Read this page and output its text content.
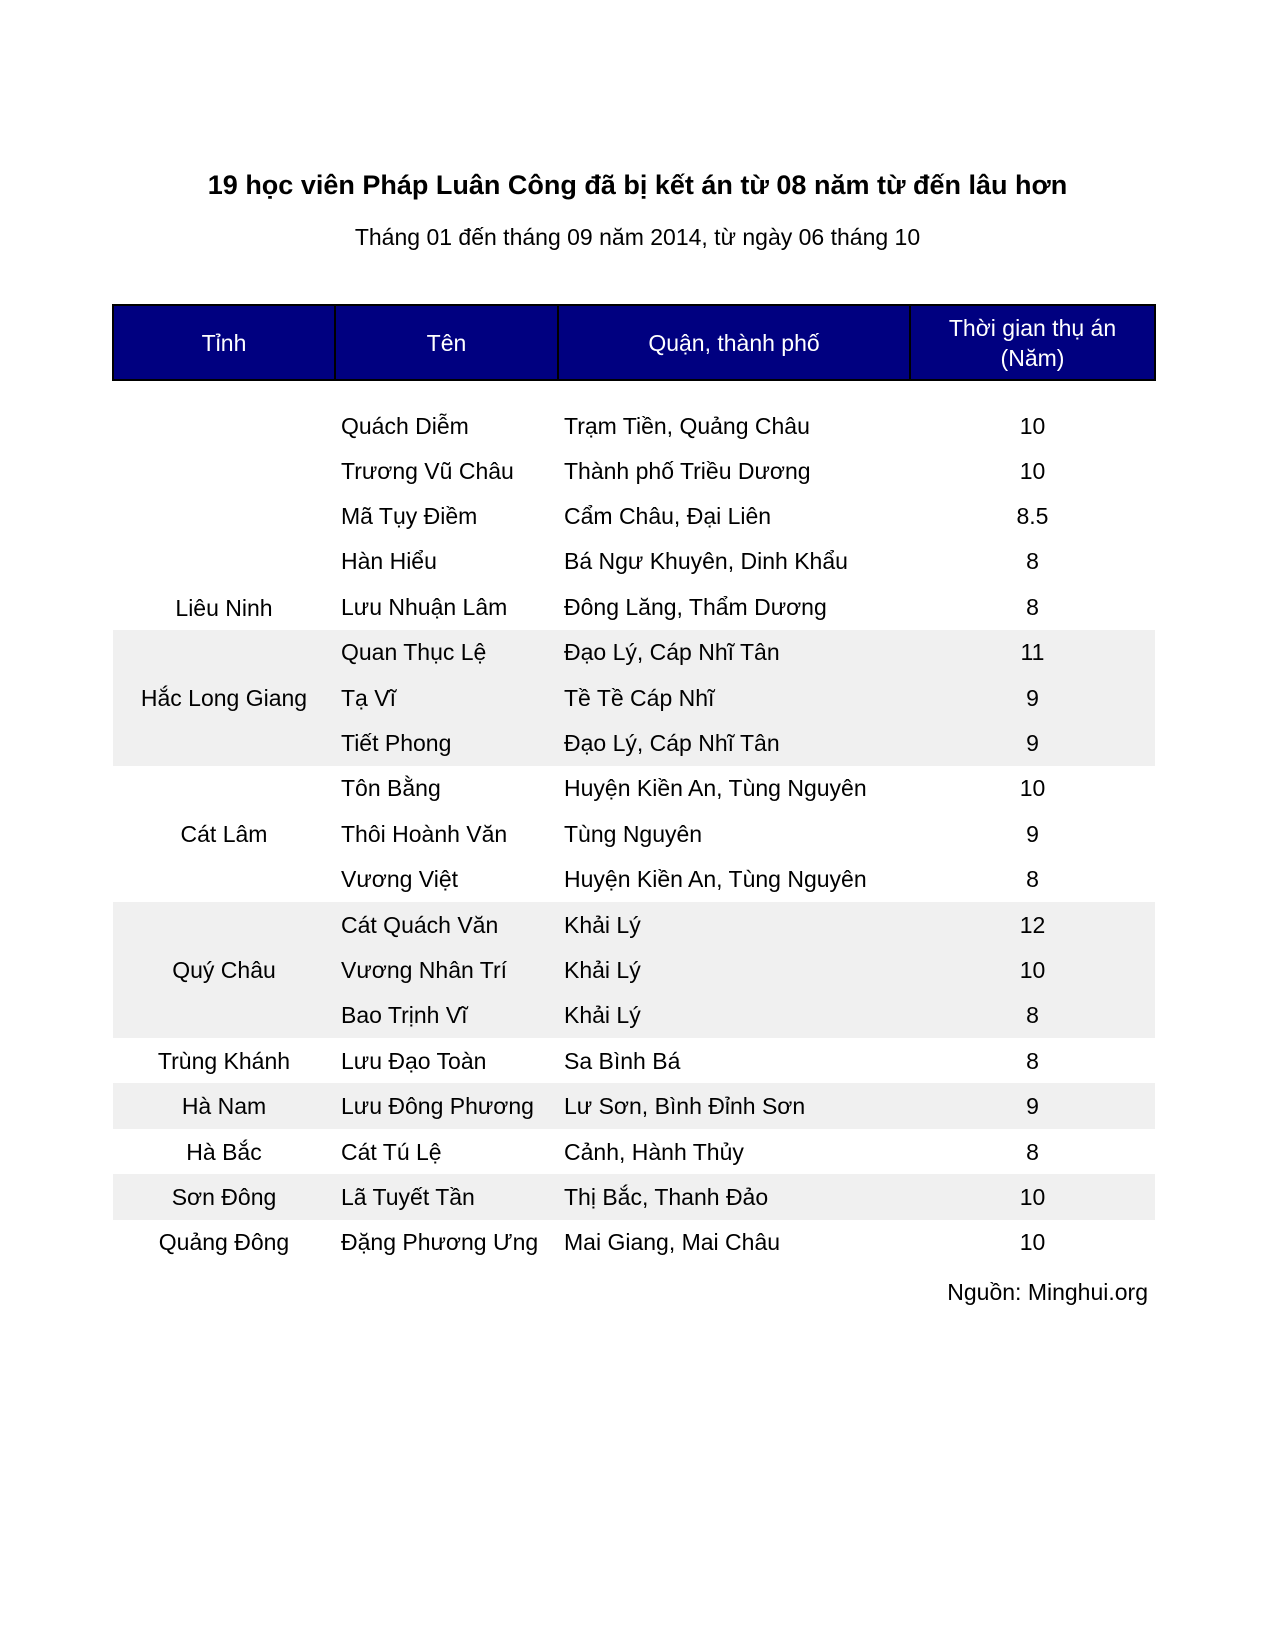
19 học viên Pháp Luân Công đã bị kết án từ 08 năm từ đến lâu hơn
Tháng 01 đến tháng 09 năm 2014, từ ngày 06 tháng 10
Tỉnh	Tên	Quận, thành phố	Thời gian thụ án
(Năm)
Liêu Ninh	Quách Diễm	Trạm Tiền, Quảng Châu	10
	Trương Vũ Châu	Thành phố Triều Dương	10
	Mã Tụy Điềm	Cẩm Châu, Đại Liên	8.5
	Hàn Hiểu	Bá Ngư Khuyên, Dinh Khẩu	8
	Lưu Nhuận Lâm	Đông Lăng, Thẩm Dương	8
Hắc Long Giang	Quan Thục Lệ	Đạo Lý, Cáp Nhĩ Tân	11
	Tạ Vĩ	Tề Tề Cáp Nhĩ	9
	Tiết Phong	Đạo Lý, Cáp Nhĩ Tân	9
Cát Lâm	Tôn Bằng	Huyện Kiền An, Tùng Nguyên	10
	Thôi Hoành Văn	Tùng Nguyên	9
	Vương Việt	Huyện Kiền An, Tùng Nguyên	8
Quý Châu	Cát Quách Văn	Khải Lý	12
	Vương Nhân Trí	Khải Lý	10
	Bao Trịnh Vĩ	Khải Lý	8
Trùng Khánh	Lưu Đạo Toàn	Sa Bình Bá	8
Hà Nam	Lưu Đông Phương	Lư Sơn, Bình Đỉnh Sơn	9
Hà Bắc	Cát Tú Lệ	Cảnh, Hành Thủy	8
Sơn Đông	Lã Tuyết Tần	Thị Bắc, Thanh Đảo	10
Quảng Đông	Đặng Phương Ưng	Mai Giang, Mai Châu	10
Nguồn: Minghui.org
